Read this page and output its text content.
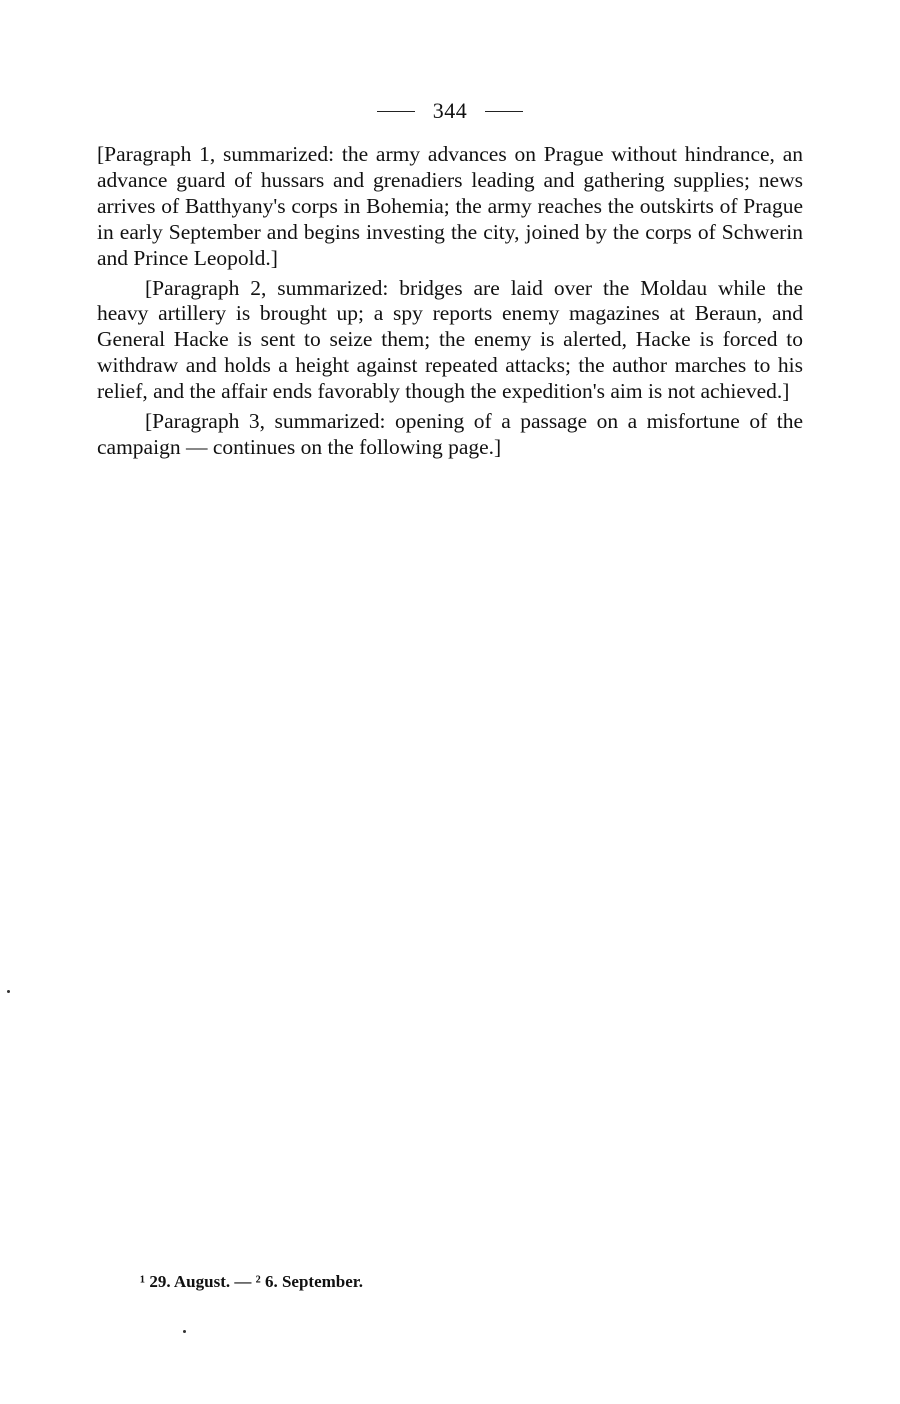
344

[Paragraph 1, summarized: the army advances on Prague without hindrance, an advance guard of hussars and grenadiers leading and gathering supplies; news arrives of Batthyany's corps in Bohemia; the army reaches the outskirts of Prague in early September and begins investing the city, joined by the corps of Schwerin and Prince Leopold.]

[Paragraph 2, summarized: bridges are laid over the Moldau while the heavy artillery is brought up; a spy reports enemy magazines at Beraun, and General Hacke is sent to seize them; the enemy is alerted, Hacke is forced to withdraw and holds a height against repeated attacks; the author marches to his relief, and the affair ends favorably though the expedition's aim is not achieved.]

[Paragraph 3, summarized: opening of a passage on a misfortune of the campaign — continues on the following page.]

¹ 29. August. — ² 6. September.
